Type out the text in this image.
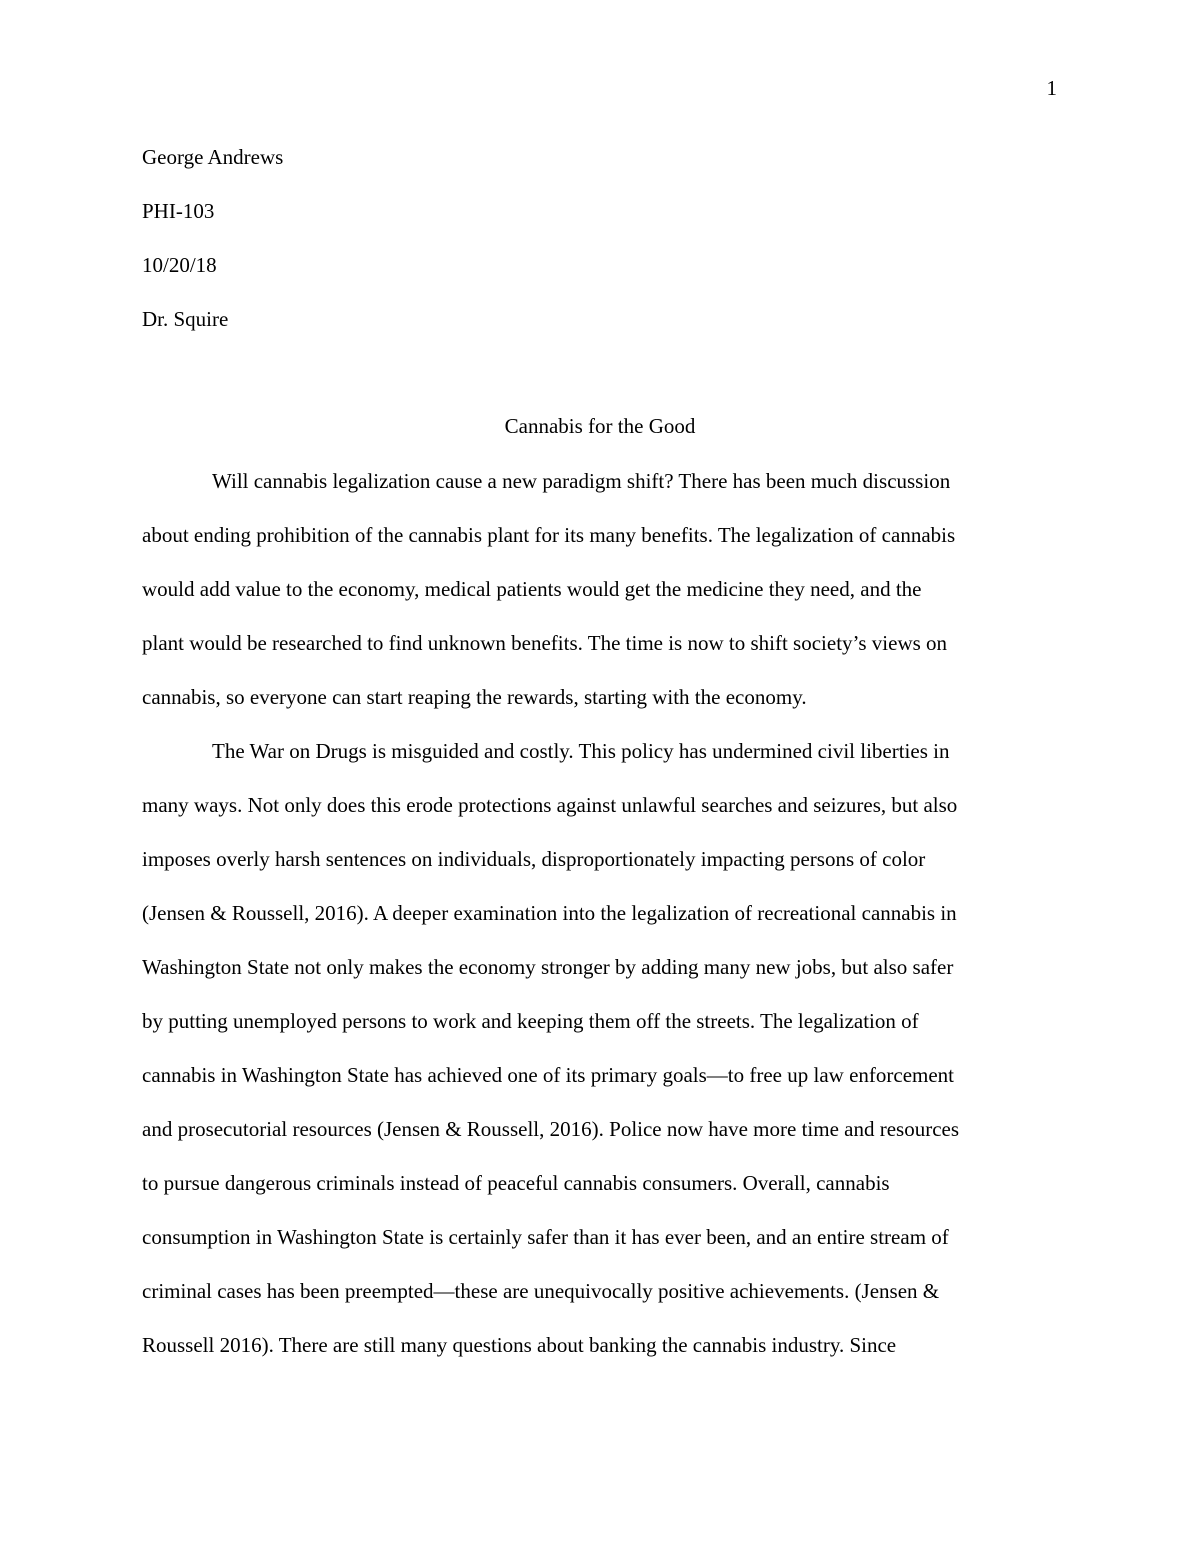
1
George Andrews
PHI-103
10/20/18
Dr. Squire
Cannabis for the Good
Will cannabis legalization cause a new paradigm shift? There has been much discussion
about ending prohibition of the cannabis plant for its many benefits. The legalization of cannabis
would add value to the economy, medical patients would get the medicine they need, and the
plant would be researched to find unknown benefits. The time is now to shift society’s views on
cannabis, so everyone can start reaping the rewards, starting with the economy.
The War on Drugs is misguided and costly. This policy has undermined civil liberties in
many ways. Not only does this erode protections against unlawful searches and seizures, but also
imposes overly harsh sentences on individuals, disproportionately impacting persons of color
(Jensen & Roussell, 2016). A deeper examination into the legalization of recreational cannabis in
Washington State not only makes the economy stronger by adding many new jobs, but also safer
by putting unemployed persons to work and keeping them off the streets. The legalization of
cannabis in Washington State has achieved one of its primary goals—to free up law enforcement
and prosecutorial resources (Jensen & Roussell, 2016). Police now have more time and resources
to pursue dangerous criminals instead of peaceful cannabis consumers. Overall, cannabis
consumption in Washington State is certainly safer than it has ever been, and an entire stream of
criminal cases has been preempted—these are unequivocally positive achievements. (Jensen &
Roussell 2016). There are still many questions about banking the cannabis industry. Since
